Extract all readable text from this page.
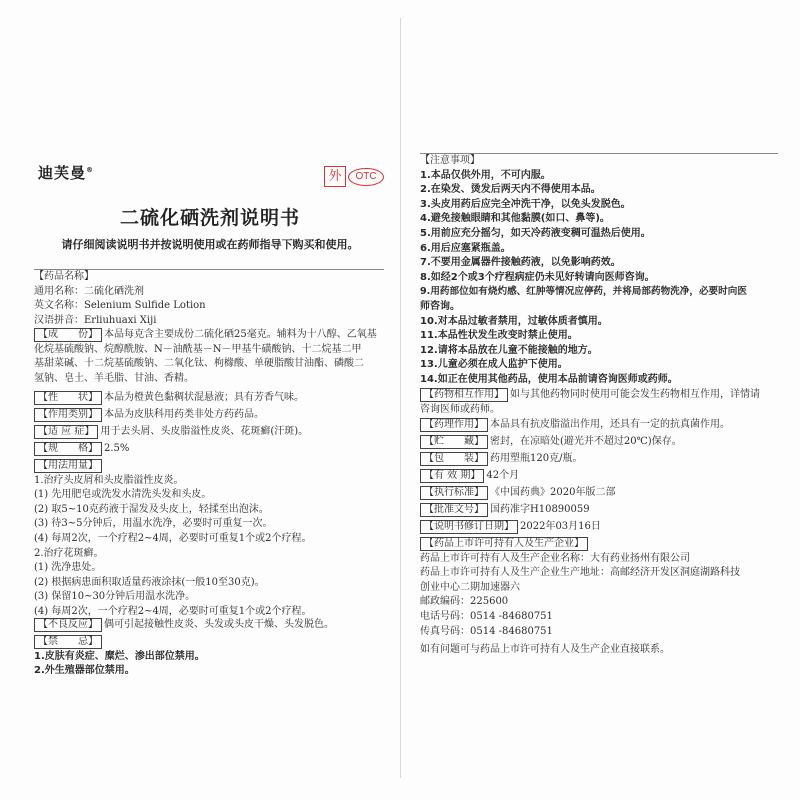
迪芙曼®	外	OTC
二硫化硒洗剂说明书
请仔细阅读说明书并按说明使用或在药师指导下购买和使用。
【药品名称】
通用名称：二硫化硒洗剂
英文名称：Selenium Sulfide Lotion
汉语拼音：Erliuhuaxi Xiji
【成　　份】 本品每克含主要成份二硫化硒25毫克。辅料为十八醇、乙氧基
化烷基硫酸钠、烷醇酰胺、N－油酰基－N－甲基牛磺酸钠、十二烷基二甲
基甜菜碱、十二烷基硫酸钠、二氧化钛、枸橼酸、单硬脂酸甘油酯、磷酸二
氢钠、皂土、羊毛脂、甘油、香精。
【性　　状】 本品为橙黄色黏稠状混悬液；具有芳香气味。
【作用类别】 本品为皮肤科用药类非处方药药品。
【适 应 症】 用于去头屑、头皮脂溢性皮炎、花斑癣(汗斑)。
【规　　格】 2.5%
【用法用量】
1.治疗头皮屑和头皮脂溢性皮炎。
(1) 先用肥皂或洗发水清洗头发和头皮。
(2) 取5~10克药液于湿发及头皮上，轻揉至出泡沫。
(3) 待3~5分钟后，用温水洗净，必要时可重复一次。
(4) 每周2次，一个疗程2~4周，必要时可重复1个或2个疗程。
2.治疗花斑癣。
(1) 洗净患处。
(2) 根据病患面积取适量药液涂抹(一般10至30克)。
(3) 保留10~30分钟后用温水洗净。
(4) 每周2次，一个疗程2~4周，必要时可重复1个或2个疗程。
【不良反应】 偶可引起接触性皮炎、头发或头皮干燥、头发脱色。
【禁　　忌】
1.皮肤有炎症、糜烂、渗出部位禁用。
2.外生殖器部位禁用。
【注意事项】
1.本品仅供外用，不可内服。
2.在染发、烫发后两天内不得使用本品。
3.头皮用药后应完全冲洗干净，以免头发脱色。
4.避免接触眼睛和其他黏膜(如口、鼻等)。
5.用前应充分摇匀，如天冷药液变稠可温热后使用。
6.用后应塞紧瓶盖。
7.不要用金属器件接触药液，以免影响药效。
8.如经2个或3个疗程病症仍未见好转请向医师咨询。
9.用药部位如有烧灼感、红肿等情况应停药，并将局部药物洗净，必要时向医
师咨询。
10.对本品过敏者禁用，过敏体质者慎用。
11.本品性状发生改变时禁止使用。
12.请将本品放在儿童不能接触的地方。
13.儿童必须在成人监护下使用。
14.如正在使用其他药品，使用本品前请咨询医师或药师。
【药物相互作用】 如与其他药物同时使用可能会发生药物相互作用，详情请
咨询医师或药师。
【药理作用】 本品具有抗皮脂溢出作用，还具有一定的抗真菌作用。
【贮　　藏】 密封，在凉暗处(避光并不超过20℃)保存。
【包　　装】 药用塑瓶120克/瓶。
【有 效 期】 42个月
【执行标准】 《中国药典》2020年版二部
【批准文号】 国药准字H10890059
【说明书修订日期】 2022年03月16日
【药品上市许可持有人及生产企业】
药品上市许可持有人及生产企业名称：大有药业扬州有限公司
药品上市许可持有人及生产企业生产地址：高邮经济开发区洞庭湖路科技
创业中心二期加速器六
邮政编码：225600
电话号码：0514 -84680751
传真号码：0514 -84680751
如有问题可与药品上市许可持有人及生产企业直接联系。
